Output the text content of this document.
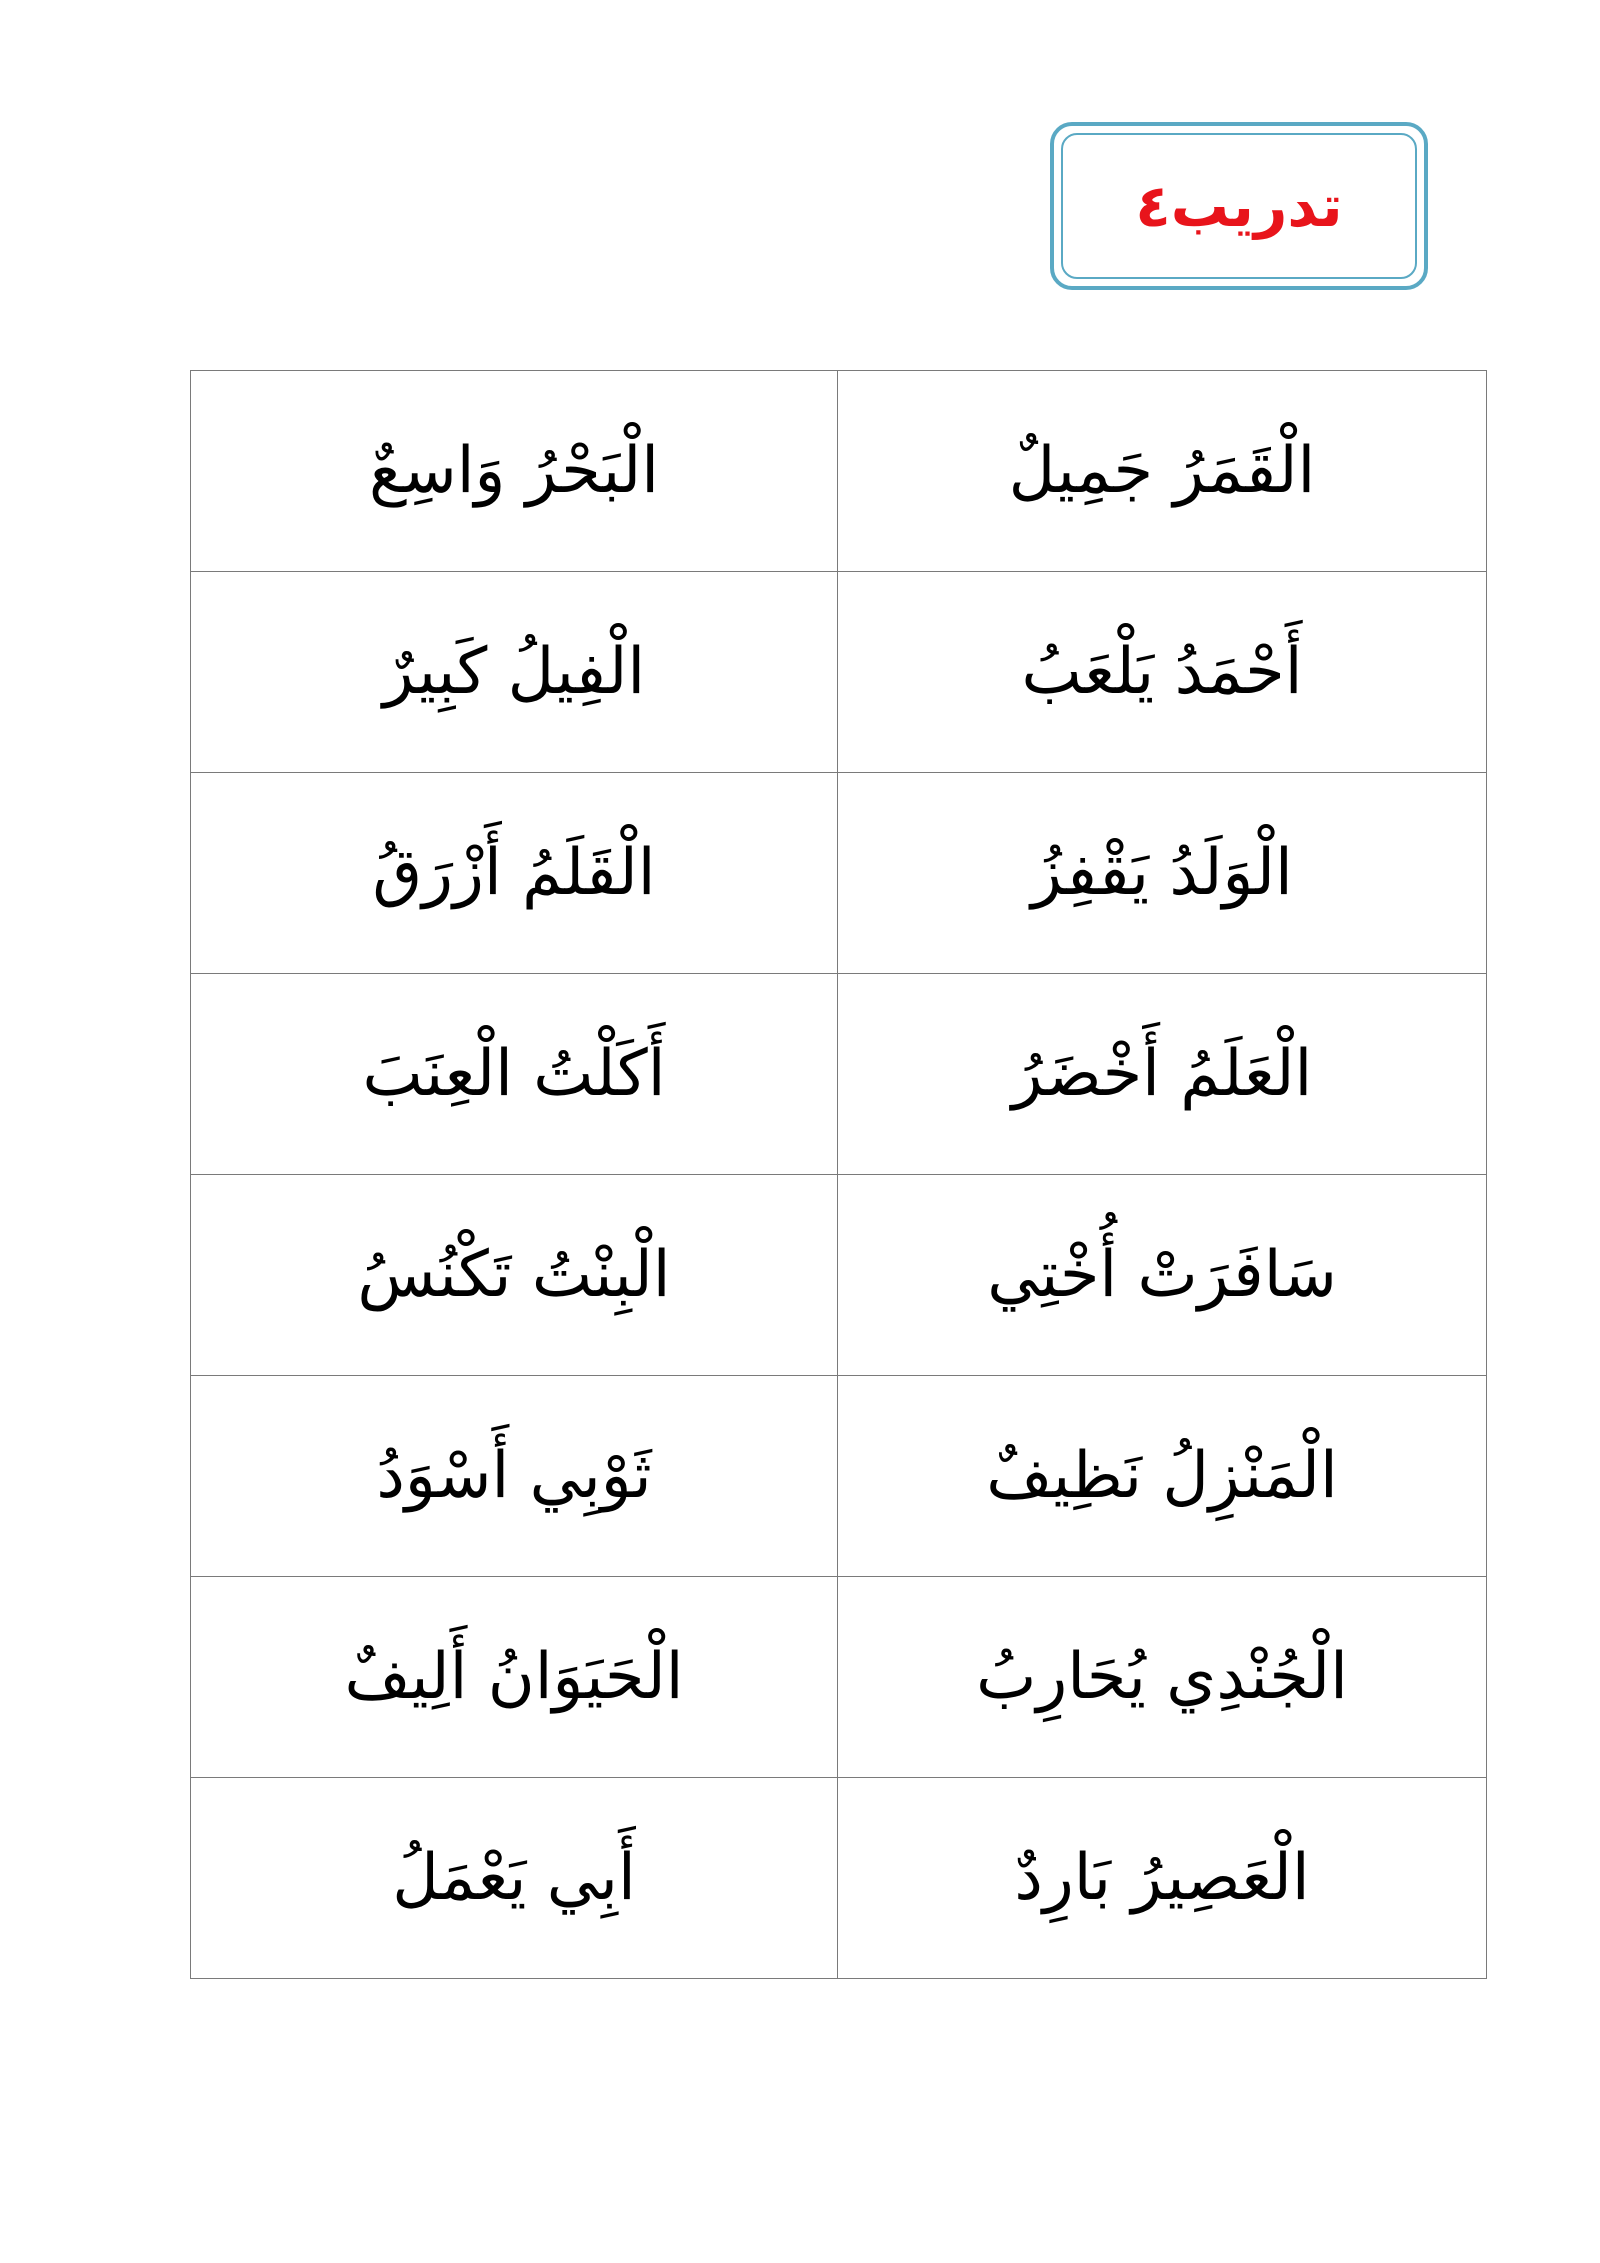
تدريب٤
الْقَمَرُ جَمِيلٌ	الْبَحْرُ وَاسِعٌ
أَحْمَدُ يَلْعَبُ	الْفِيلُ كَبِيرٌ
الْوَلَدُ يَقْفِزُ	الْقَلَمُ أَزْرَقُ
الْعَلَمُ أَخْضَرُ	أَكَلْتُ الْعِنَبَ
سَافَرَتْ أُخْتِي	الْبِنْتُ تَكْنُسُ
الْمَنْزِلُ نَظِيفٌ	ثَوْبِي أَسْوَدُ
الْجُنْدِي يُحَارِبُ	الْحَيَوَانُ أَلِيفٌ
الْعَصِيرُ بَارِدٌ	أَبِي يَعْمَلُ
